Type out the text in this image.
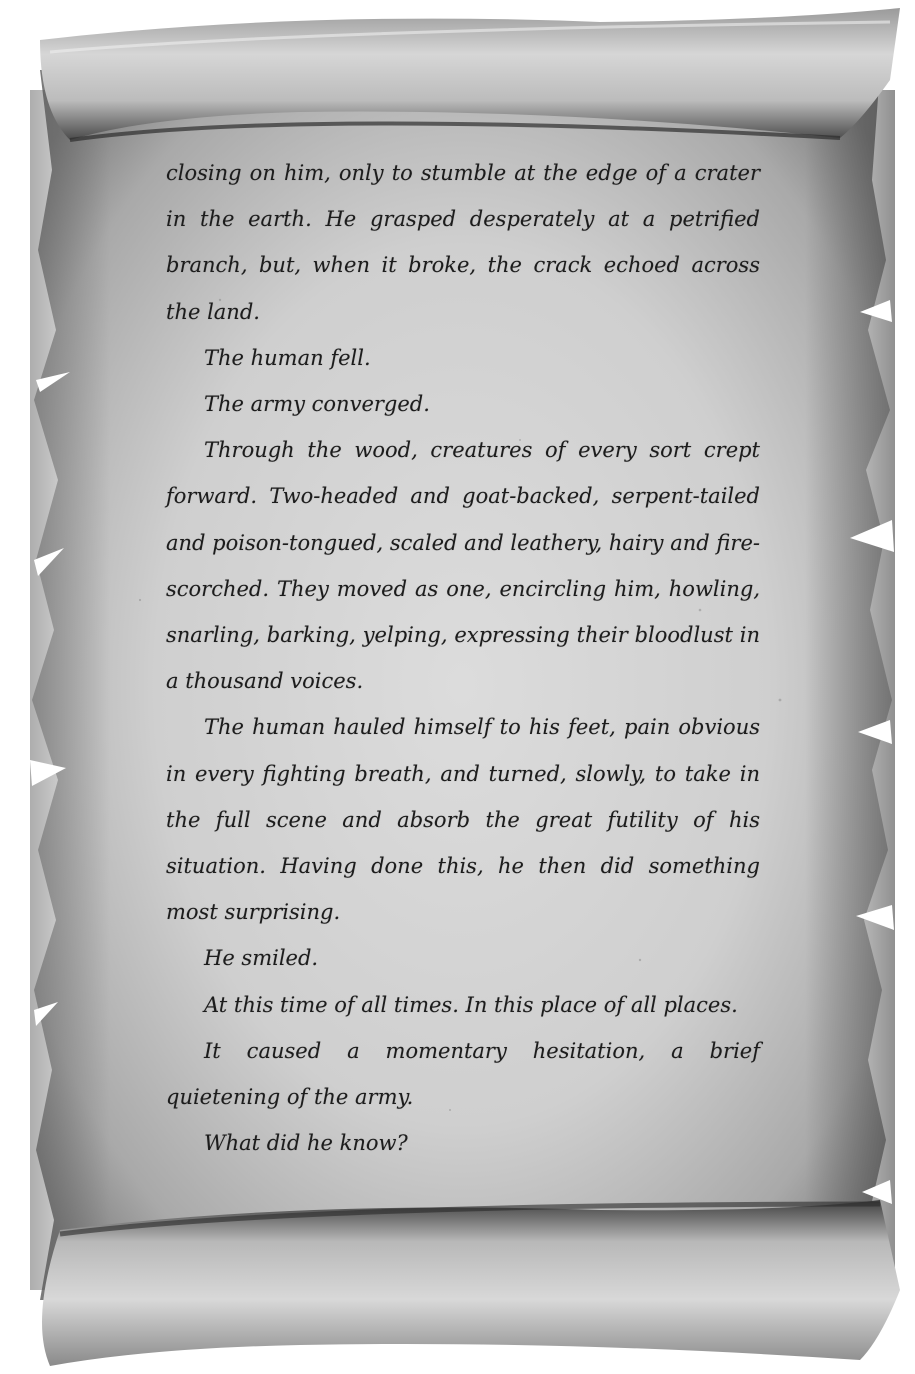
closing on him, only to stumble at the edge of a crater in the earth. He grasped desperately at a petrified branch, but, when it broke, the crack echoed across the land.

The human fell.

The army converged.

Through the wood, creatures of every sort crept forward. Two-headed and goat-backed, serpent-tailed and poison-tongued, scaled and leathery, hairy and fire-scorched. They moved as one, encircling him, howling, snarling, barking, yelping, expressing their bloodlust in a thousand voices.

The human hauled himself to his feet, pain obvious in every fighting breath, and turned, slowly, to take in the full scene and absorb the great futility of his situation. Having done this, he then did something most surprising.

He smiled.

At this time of all times. In this place of all places.

It caused a momentary hesitation, a brief quietening of the army.

What did he know?
